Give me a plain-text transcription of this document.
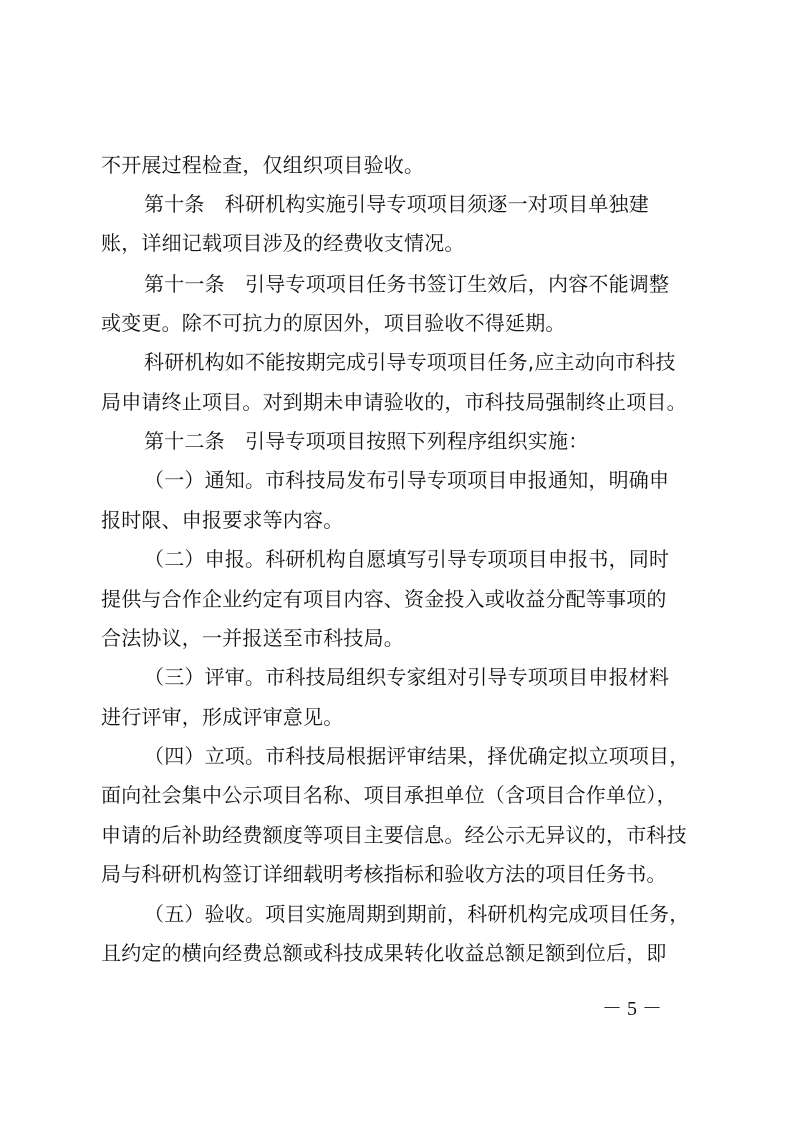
不开展过程检查，仅组织项目验收。
第十条　科研机构实施引导专项项目须逐一对项目单独建
账，详细记载项目涉及的经费收支情况。
第十一条　引导专项项目任务书签订生效后，内容不能调整
或变更。除不可抗力的原因外，项目验收不得延期。
科研机构如不能按期完成引导专项项目任务,应主动向市科技
局申请终止项目。对到期未申请验收的，市科技局强制终止项目。
第十二条　引导专项项目按照下列程序组织实施：
（一）通知。市科技局发布引导专项项目申报通知，明确申
报时限、申报要求等内容。
（二）申报。科研机构自愿填写引导专项项目申报书，同时
提供与合作企业约定有项目内容、资金投入或收益分配等事项的
合法协议，一并报送至市科技局。
（三）评审。市科技局组织专家组对引导专项项目申报材料
进行评审，形成评审意见。
（四）立项。市科技局根据评审结果，择优确定拟立项项目，
面向社会集中公示项目名称、项目承担单位（含项目合作单位），
申请的后补助经费额度等项目主要信息。经公示无异议的，市科技
局与科研机构签订详细载明考核指标和验收方法的项目任务书。
（五）验收。项目实施周期到期前，科研机构完成项目任务，
且约定的横向经费总额或科技成果转化收益总额足额到位后，即
－ 5 －
